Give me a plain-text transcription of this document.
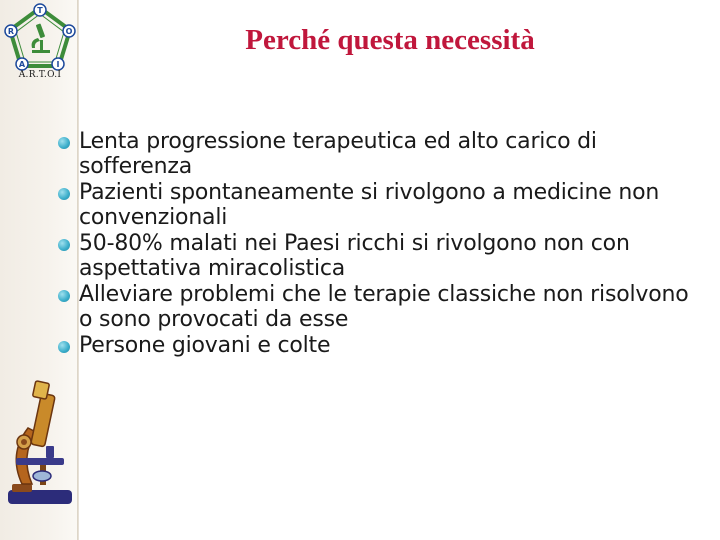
T
R	O
A	I
A.R.T.O.I
Perché questa necessità
Lenta progressione terapeutica ed alto carico di sofferenza
Pazienti spontaneamente si rivolgono a medicine non convenzionali
50-80% malati nei Paesi ricchi si rivolgono non con aspettativa miracolistica
Alleviare problemi che le terapie classiche non risolvono o sono provocati da esse
Persone giovani e colte
